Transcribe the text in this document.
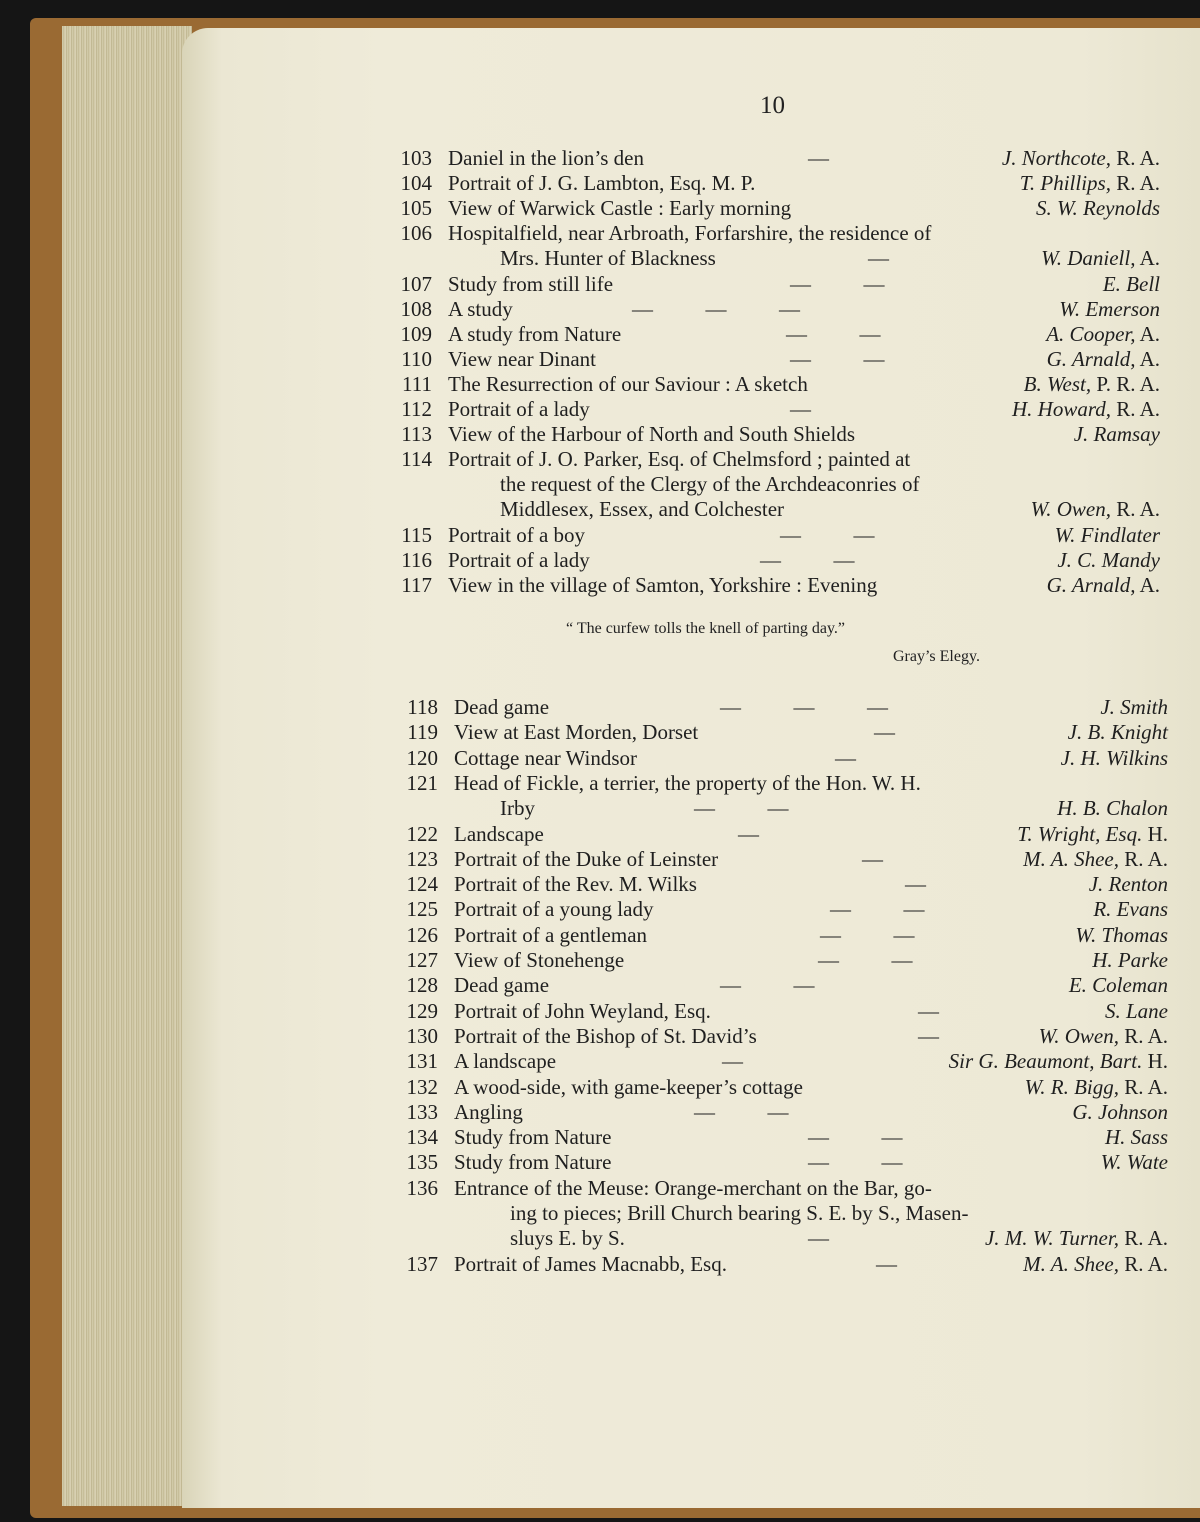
10
103 Daniel in the lion’s den	—	J. Northcote, R. A.
104 Portrait of J. G. Lambton, Esq. M. P.	T. Phillips, R. A.
105 View of Warwick Castle : Early morning	S. W. Reynolds
106 Hospitalfield, near Arbroath, Forfarshire, the residence of
Mrs. Hunter of Blackness	—	W. Daniell, A.
107 Study from still life	—          —	E. Bell
108 A study	—          —          —	W. Emerson
109 A study from Nature	—          —	A. Cooper, A.
110 View near Dinant	—          —	G. Arnald, A.
111 The Resurrection of our Saviour : A sketch	B. West, P. R. A.
112 Portrait of a lady	—	H. Howard, R. A.
113 View of the Harbour of North and South Shields	J. Ramsay
114 Portrait of J. O. Parker, Esq. of Chelmsford ; painted at
the request of the Clergy of the Archdeaconries of
Middlesex, Essex, and Colchester	W. Owen, R. A.
115 Portrait of a boy	—          —	W. Findlater
116 Portrait of a lady	—          —	J. C. Mandy
117 View in the village of Samton, Yorkshire : Evening	G. Arnald, A.
“ The curfew tolls the knell of parting day.”
Gray’s Elegy.
118 Dead game	—          —          —	J. Smith
119 View at East Morden, Dorset	—	J. B. Knight
120 Cottage near Windsor	—	J. H. Wilkins
121 Head of Fickle, a terrier, the property of the Hon. W. H.
Irby	—          —	H. B. Chalon
122 Landscape	—	T. Wright, Esq. H.
123 Portrait of the Duke of Leinster	—	M. A. Shee, R. A.
124 Portrait of the Rev. M. Wilks	—	J. Renton
125 Portrait of a young lady	—          —	R. Evans
126 Portrait of a gentleman	—          —	W. Thomas
127 View of Stonehenge	—          —	H. Parke
128 Dead game	—          —	E. Coleman
129 Portrait of John Weyland, Esq.	—	S. Lane
130 Portrait of the Bishop of St. David’s	—	W. Owen, R. A.
131 A landscape	—	Sir G. Beaumont, Bart. H.
132 A wood-side, with game-keeper’s cottage	W. R. Bigg, R. A.
133 Angling	—          —	G. Johnson
134 Study from Nature	—          —	H. Sass
135 Study from Nature	—          —	W. Wate
136 Entrance of the Meuse: Orange-merchant on the Bar, go-
ing to pieces; Brill Church bearing S. E. by S., Masen-
sluys E. by S.	—	J. M. W. Turner, R. A.
137 Portrait of James Macnabb, Esq.	—	M. A. Shee, R. A.
